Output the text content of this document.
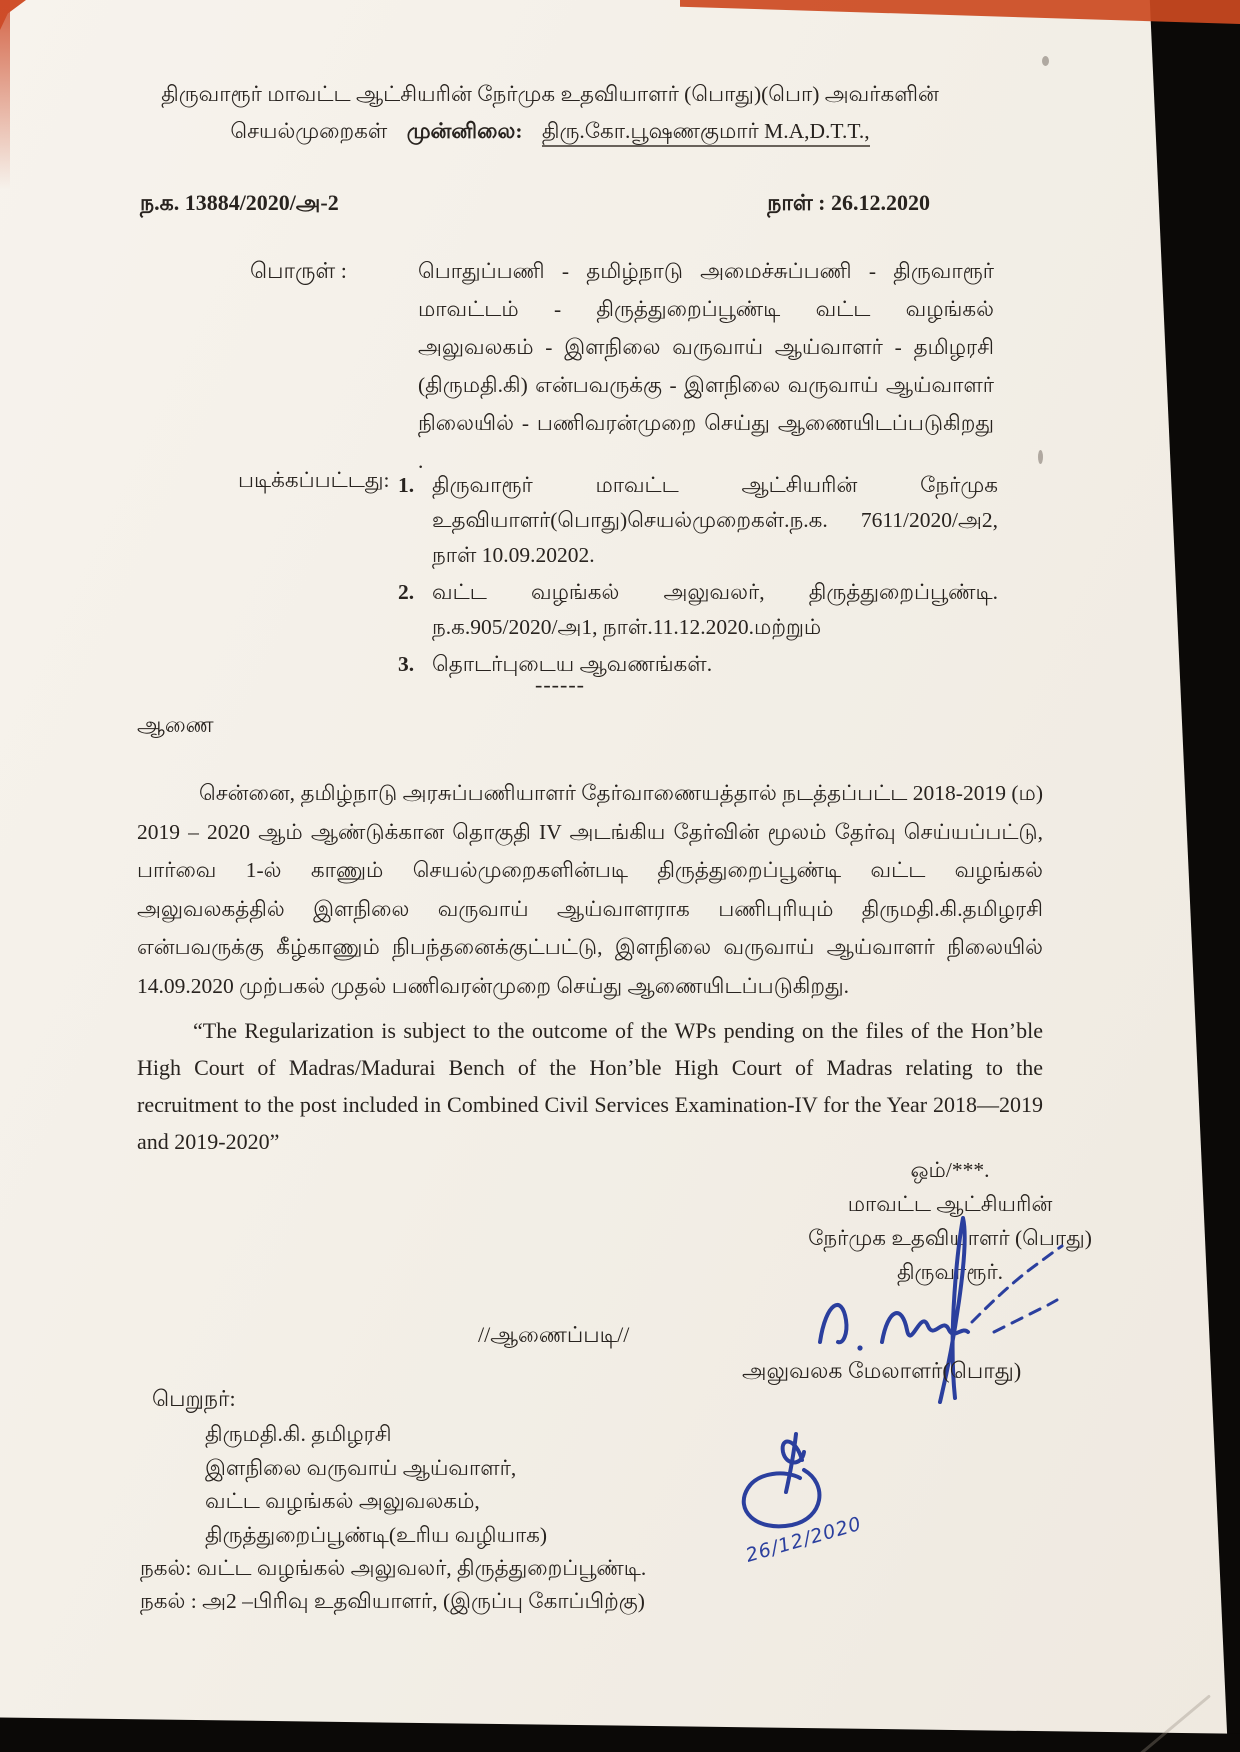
திருவாரூர் மாவட்ட ஆட்சியரின் நேர்முக உதவியாளர் (பொது)(பொ) அவர்களின்
செயல்முறைகள் முன்னிலை: திரு.கோ.பூஷணகுமார் M.A,D.T.T.,
ந.க. 13884/2020/அ-2	நாள் : 26.12.2020
பொருள் :	பொதுப்பணி - தமிழ்நாடு அமைச்சுப்பணி - திருவாரூர் மாவட்டம் - திருத்துறைப்பூண்டி வட்ட வழங்கல் அலுவலகம் - இளநிலை வருவாய் ஆய்வாளர் - தமிழரசி (திருமதி.கி) என்பவருக்கு - இளநிலை வருவாய் ஆய்வாளர் நிலையில் - பணிவரன்முறை செய்து ஆணையிடப்படுகிறது .
படிக்கப்பட்டது: 1. திருவாரூர் மாவட்ட ஆட்சியரின் நேர்முக உதவியாளர்(பொது)செயல்முறைகள்.ந.க. 7611/2020/அ2, நாள் 10.09.20202.
2. வட்ட வழங்கல் அலுவலர், திருத்துறைப்பூண்டி. ந.க.905/2020/அ1, நாள்.11.12.2020.மற்றும்
3. தொடர்புடைய ஆவணங்கள்.
------
ஆணை
சென்னை, தமிழ்நாடு அரசுப்பணியாளர் தேர்வாணையத்தால் நடத்தப்பட்ட 2018-2019 (ம) 2019 – 2020 ஆம் ஆண்டுக்கான தொகுதி IV அடங்கிய தேர்வின் மூலம் தேர்வு செய்யப்பட்டு, பார்வை 1-ல் காணும் செயல்முறைகளின்படி திருத்துறைப்பூண்டி வட்ட வழங்கல் அலுவலகத்தில் இளநிலை வருவாய் ஆய்வாளராக பணிபுரியும் திருமதி.கி.தமிழரசி என்பவருக்கு கீழ்காணும் நிபந்தனைக்குட்பட்டு, இளநிலை வருவாய் ஆய்வாளர் நிலையில் 14.09.2020 முற்பகல் முதல் பணிவரன்முறை செய்து ஆணையிடப்படுகிறது.
“The Regularization is subject to the outcome of the WPs pending on the files of the Hon’ble High Court of Madras/Madurai Bench of the Hon’ble High Court of Madras relating to the recruitment to the post included in Combined Civil Services Examination-IV for the Year 2018—2019 and 2019-2020”
ஒம்/***.
மாவட்ட ஆட்சியரின்
நேர்முக உதவியாளர் (பொது)
திருவாரூர்.
//ஆணைப்படி//
அலுவலக மேலாளர்(பொது)
பெறுநர்:
திருமதி.கி. தமிழரசி
இளநிலை வருவாய் ஆய்வாளர்,
வட்ட வழங்கல் அலுவலகம்,
திருத்துறைப்பூண்டி(உரிய வழியாக)
நகல்: வட்ட வழங்கல் அலுவலர், திருத்துறைப்பூண்டி.
நகல் : அ2 –பிரிவு உதவியாளர், (இருப்பு கோப்பிற்கு)
26/12/2020
